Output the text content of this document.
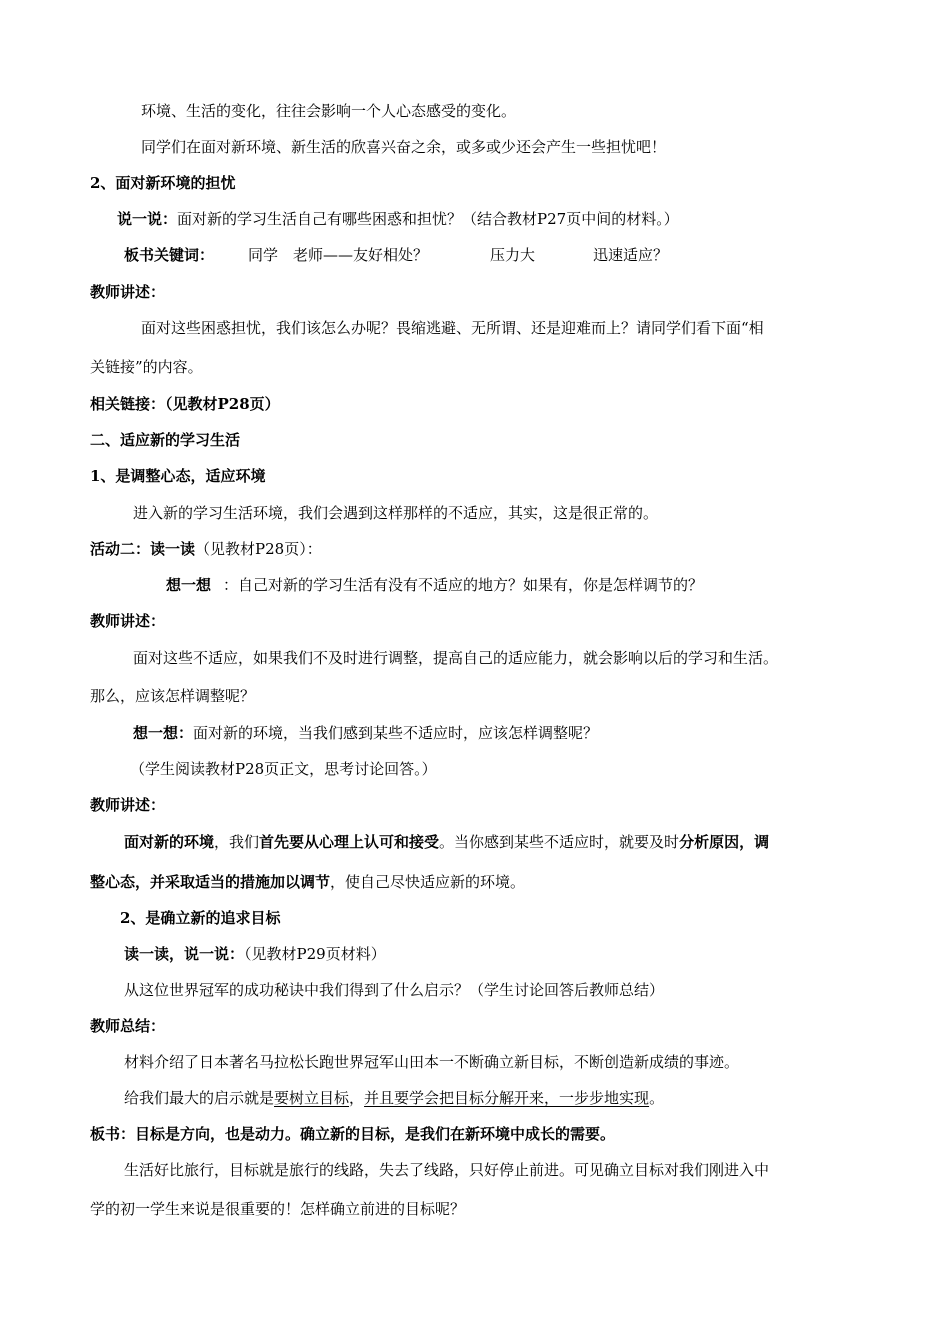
环境、生活的变化，往往会影响一个人心态感受的变化。
同学们在面对新环境、新生活的欣喜兴奋之余，或多或少还会产生一些担忧吧！
2、面对新环境的担忧
说一说：面对新的学习生活自己有哪些困惑和担忧？（结合教材P27页中间的材料。）
板书关键词： 同学　老师——友好相处？	压力大	迅速适应？
教师讲述：
面对这些困惑担忧，我们该怎么办呢？畏缩逃避、无所谓、还是迎难而上？请同学们看下面“相
关链接”的内容。
相关链接：（见教材P28页）
二、适应新的学习生活
1、是调整心态，适应环境
进入新的学习生活环境，我们会遇到这样那样的不适应，其实，这是很正常的。
活动二：读一读（见教材P28页）：
想一想 ：自己对新的学习生活有没有不适应的地方？如果有，你是怎样调节的？
教师讲述：
面对这些不适应，如果我们不及时进行调整，提高自己的适应能力，就会影响以后的学习和生活。
那么，应该怎样调整呢？
想一想：面对新的环境，当我们感到某些不适应时，应该怎样调整呢？
（学生阅读教材P28页正文，思考讨论回答。）
教师讲述：
面对新的环境，我们首先要从心理上认可和接受。当你感到某些不适应时，就要及时分析原因，调
整心态，并采取适当的措施加以调节，使自己尽快适应新的环境。
2、是确立新的追求目标
读一读，说一说：（见教材P29页材料）
从这位世界冠军的成功秘诀中我们得到了什么启示？（学生讨论回答后教师总结）
教师总结：
材料介绍了日本著名马拉松长跑世界冠军山田本一不断确立新目标，不断创造新成绩的事迹。
给我们最大的启示就是要树立目标，并且要学会把目标分解开来，一步步地实现。
板书：目标是方向，也是动力。确立新的目标，是我们在新环境中成长的需要。
生活好比旅行，目标就是旅行的线路，失去了线路，只好停止前进。可见确立目标对我们刚进入中
学的初一学生来说是很重要的！怎样确立前进的目标呢？
